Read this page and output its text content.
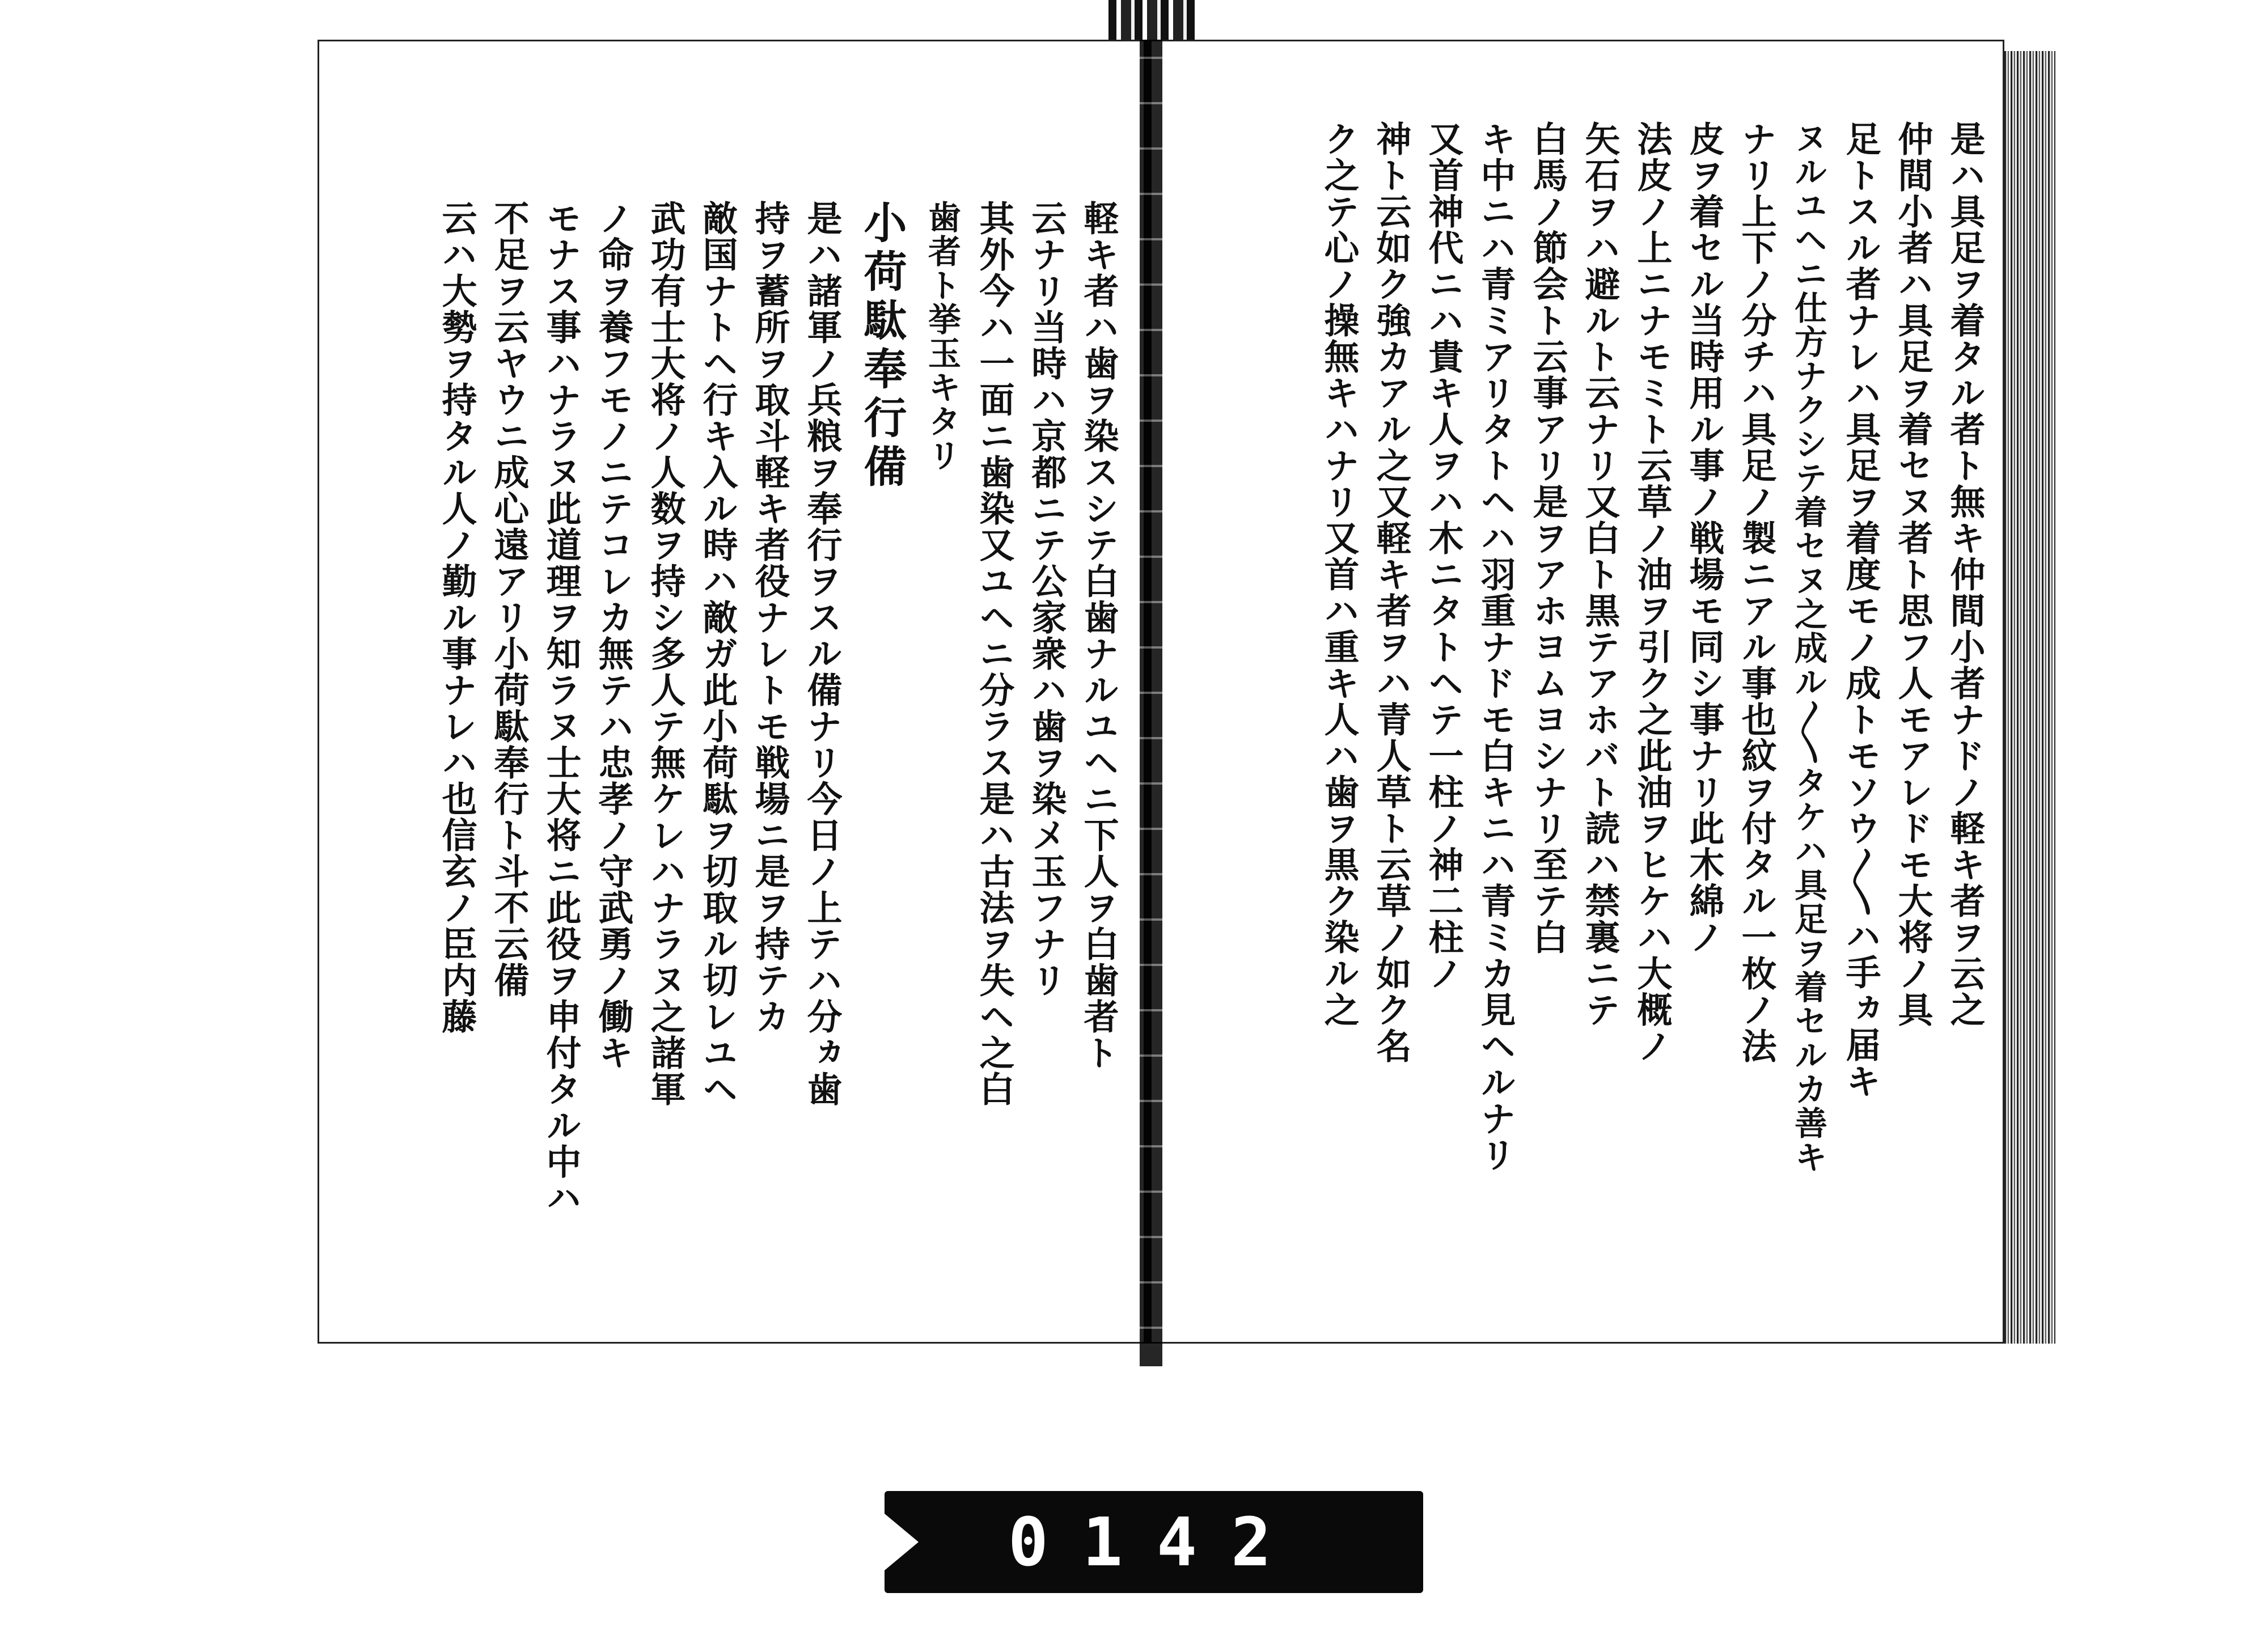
軽キ者ハ歯ヲ染スシテ白歯ナルユヘニ下人ヲ白歯者ト

云ナリ当時ハ京都ニテ公家衆ハ歯ヲ染メ玉フナリ

其外今ハ一面ニ歯染又ユヘニ分ラス是ハ古法ヲ失ヘ之白

歯者ト挙玉キタリ

小荷駄奉行備

是ハ諸軍ノ兵粮ヲ奉行ヲスル備ナリ今日ノ上テハ分ヵ歯

持ヲ蓄所ヲ取斗軽キ者役ナレトモ戦場ニ是ヲ持テカ

敵国ナトヘ行キ入ル時ハ敵ガ此小荷駄ヲ切取ル切レユヘ

武功有士大将ノ人数ヲ持シ多人テ無ケレハナラヌ之諸軍

ノ命ヲ養フモノニテコレカ無テハ忠孝ノ守武勇ノ働キ

モナス事ハナラヌ此道理ヲ知ラヌ士大将ニ此役ヲ申付タル中ハ

不足ヲ云ヤウニ成心遠アリ小荷駄奉行ト斗不云備

云ハ大勢ヲ持タル人ノ勤ル事ナレハ也信玄ノ臣内藤	是ハ具足ヲ着タル者ト無キ仲間小者ナドノ軽キ者ヲ云之

仲間小者ハ具足ヲ着セヌ者ト思フ人モアレドモ大将ノ具

足トスル者ナレハ具足ヲ着度モノ成トモソウ〳〵ハ手ヵ届キ

ヌルユヘニ仕方ナクシテ着セヌ之成ル〳〵タケハ具足ヲ着セルカ善キ

ナリ上下ノ分チハ具足ノ製ニアル事也紋ヲ付タル一枚ノ法

皮ヲ着セル当時用ル事ノ戦場モ同シ事ナリ此木綿ノ

法皮ノ上ニナモミト云草ノ油ヲ引ク之此油ヲヒケハ大概ノ

矢石ヲハ避ルト云ナリ又白ト黒テアホバト読ハ禁裏ニテ

白馬ノ節会ト云事アリ是ヲアホヨムヨシナリ至テ白

キ中ニハ青ミアリタトヘハ羽重ナドモ白キニハ青ミカ見ヘルナリ

又首神代ニハ貴キ人ヲハ木ニタトヘテ一柱ノ神二柱ノ

神ト云如ク強カアル之又軽キ者ヲハ青人草ト云草ノ如ク名

ク之テ心ノ操無キハナリ又首ハ重キ人ハ歯ヲ黒ク染ル之

0142
